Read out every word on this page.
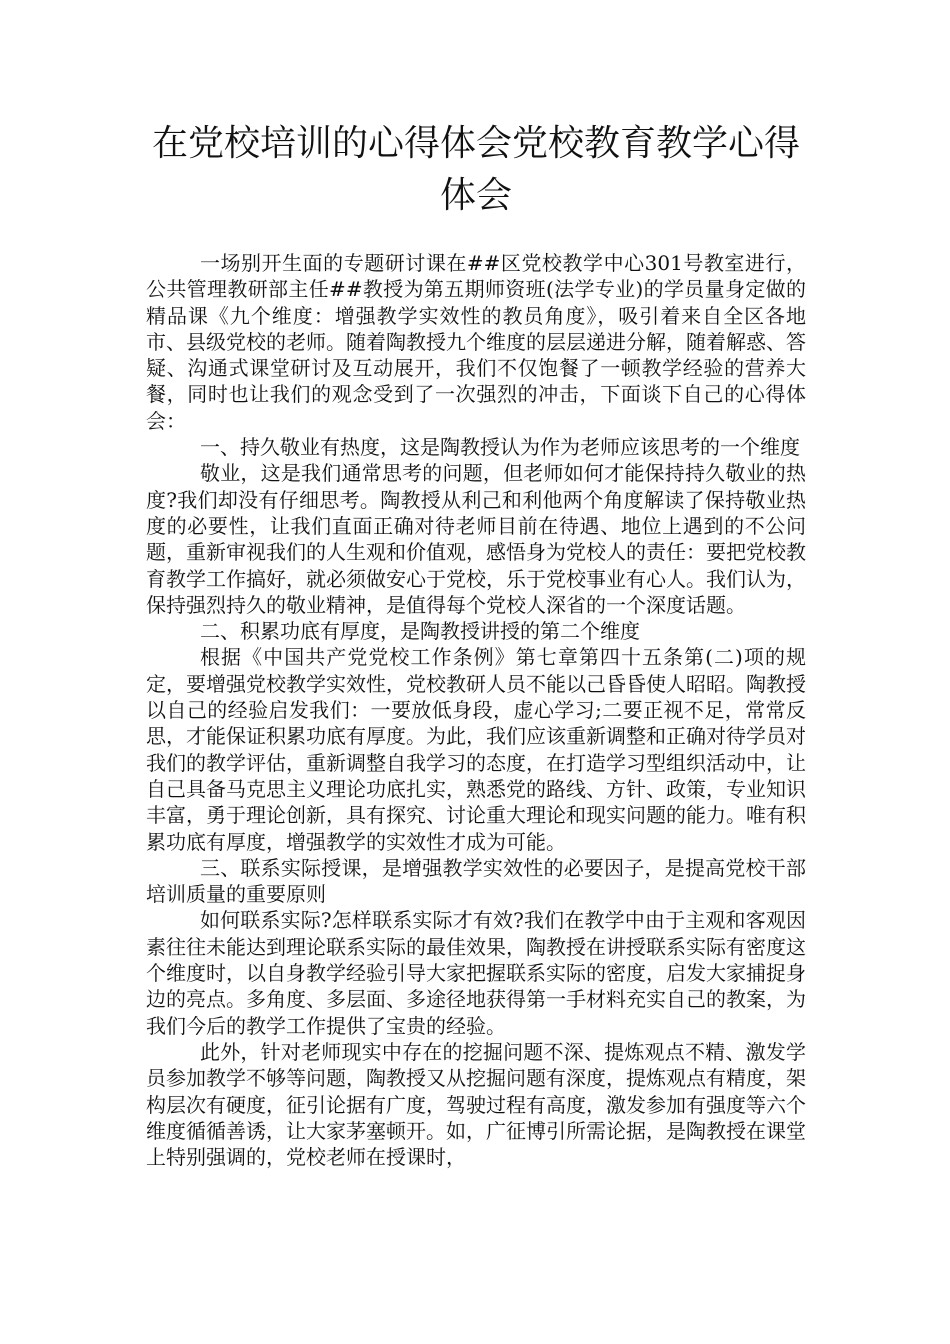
在党校培训的心得体会党校教育教学心得体会

一场别开生面的专题研讨课在##区党校教学中心301号教室进行，公共管理教研部主任##教授为第五期师资班(法学专业)的学员量身定做的精品课《九个维度：增强教学实效性的教员角度》，吸引着来自全区各地市、县级党校的老师。随着陶教授九个维度的层层递进分解，随着解惑、答疑、沟通式课堂研讨及互动展开，我们不仅饱餐了一顿教学经验的营养大餐，同时也让我们的观念受到了一次强烈的冲击，下面谈下自己的心得体会：

一、持久敬业有热度，这是陶教授认为作为老师应该思考的一个维度

敬业，这是我们通常思考的问题，但老师如何才能保持持久敬业的热度?我们却没有仔细思考。陶教授从利己和利他两个角度解读了保持敬业热度的必要性，让我们直面正确对待老师目前在待遇、地位上遇到的不公问题，重新审视我们的人生观和价值观，感悟身为党校人的责任：要把党校教育教学工作搞好，就必须做安心于党校，乐于党校事业有心人。我们认为，保持强烈持久的敬业精神，是值得每个党校人深省的一个深度话题。

二、积累功底有厚度，是陶教授讲授的第二个维度

根据《中国共产党党校工作条例》第七章第四十五条第(二)项的规定，要增强党校教学实效性，党校教研人员不能以己昏昏使人昭昭。陶教授以自己的经验启发我们：一要放低身段，虚心学习;二要正视不足，常常反思，才能保证积累功底有厚度。为此，我们应该重新调整和正确对待学员对我们的教学评估，重新调整自我学习的态度，在打造学习型组织活动中，让自己具备马克思主义理论功底扎实，熟悉党的路线、方针、政策，专业知识丰富，勇于理论创新，具有探究、讨论重大理论和现实问题的能力。唯有积累功底有厚度，增强教学的实效性才成为可能。

三、联系实际授课，是增强教学实效性的必要因子，是提高党校干部培训质量的重要原则

如何联系实际?怎样联系实际才有效?我们在教学中由于主观和客观因素往往未能达到理论联系实际的最佳效果，陶教授在讲授联系实际有密度这个维度时，以自身教学经验引导大家把握联系实际的密度，启发大家捕捉身边的亮点。多角度、多层面、多途径地获得第一手材料充实自己的教案，为我们今后的教学工作提供了宝贵的经验。

此外，针对老师现实中存在的挖掘问题不深、提炼观点不精、激发学员参加教学不够等问题，陶教授又从挖掘问题有深度，提炼观点有精度，架构层次有硬度，征引论据有广度，驾驶过程有高度，激发参加有强度等六个维度循循善诱，让大家茅塞顿开。如，广征博引所需论据，是陶教授在课堂上特别强调的，党校老师在授课时，
